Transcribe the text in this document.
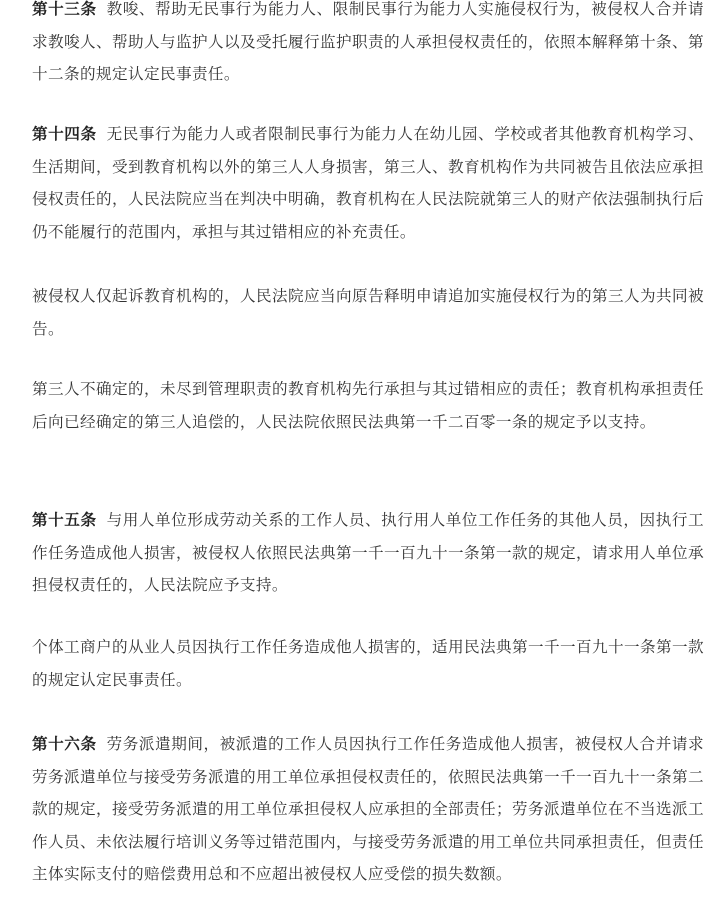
第十三条 教唆、帮助无民事行为能力人、限制民事行为能力人实施侵权行为，被侵权人合并请求教唆人、帮助人与监护人以及受托履行监护职责的人承担侵权责任的，依照本解释第十条、第十二条的规定认定民事责任。

第十四条 无民事行为能力人或者限制民事行为能力人在幼儿园、学校或者其他教育机构学习、生活期间，受到教育机构以外的第三人人身损害，第三人、教育机构作为共同被告且依法应承担侵权责任的，人民法院应当在判决中明确，教育机构在人民法院就第三人的财产依法强制执行后仍不能履行的范围内，承担与其过错相应的补充责任。

被侵权人仅起诉教育机构的，人民法院应当向原告释明申请追加实施侵权行为的第三人为共同被告。

第三人不确定的，未尽到管理职责的教育机构先行承担与其过错相应的责任；教育机构承担责任后向已经确定的第三人追偿的，人民法院依照民法典第一千二百零一条的规定予以支持。

第十五条 与用人单位形成劳动关系的工作人员、执行用人单位工作任务的其他人员，因执行工作任务造成他人损害，被侵权人依照民法典第一千一百九十一条第一款的规定，请求用人单位承担侵权责任的，人民法院应予支持。

个体工商户的从业人员因执行工作任务造成他人损害的，适用民法典第一千一百九十一条第一款的规定认定民事责任。

第十六条 劳务派遣期间，被派遣的工作人员因执行工作任务造成他人损害，被侵权人合并请求劳务派遣单位与接受劳务派遣的用工单位承担侵权责任的，依照民法典第一千一百九十一条第二款的规定，接受劳务派遣的用工单位承担侵权人应承担的全部责任；劳务派遣单位在不当选派工作人员、未依法履行培训义务等过错范围内，与接受劳务派遣的用工单位共同承担责任，但责任主体实际支付的赔偿费用总和不应超出被侵权人应受偿的损失数额。
